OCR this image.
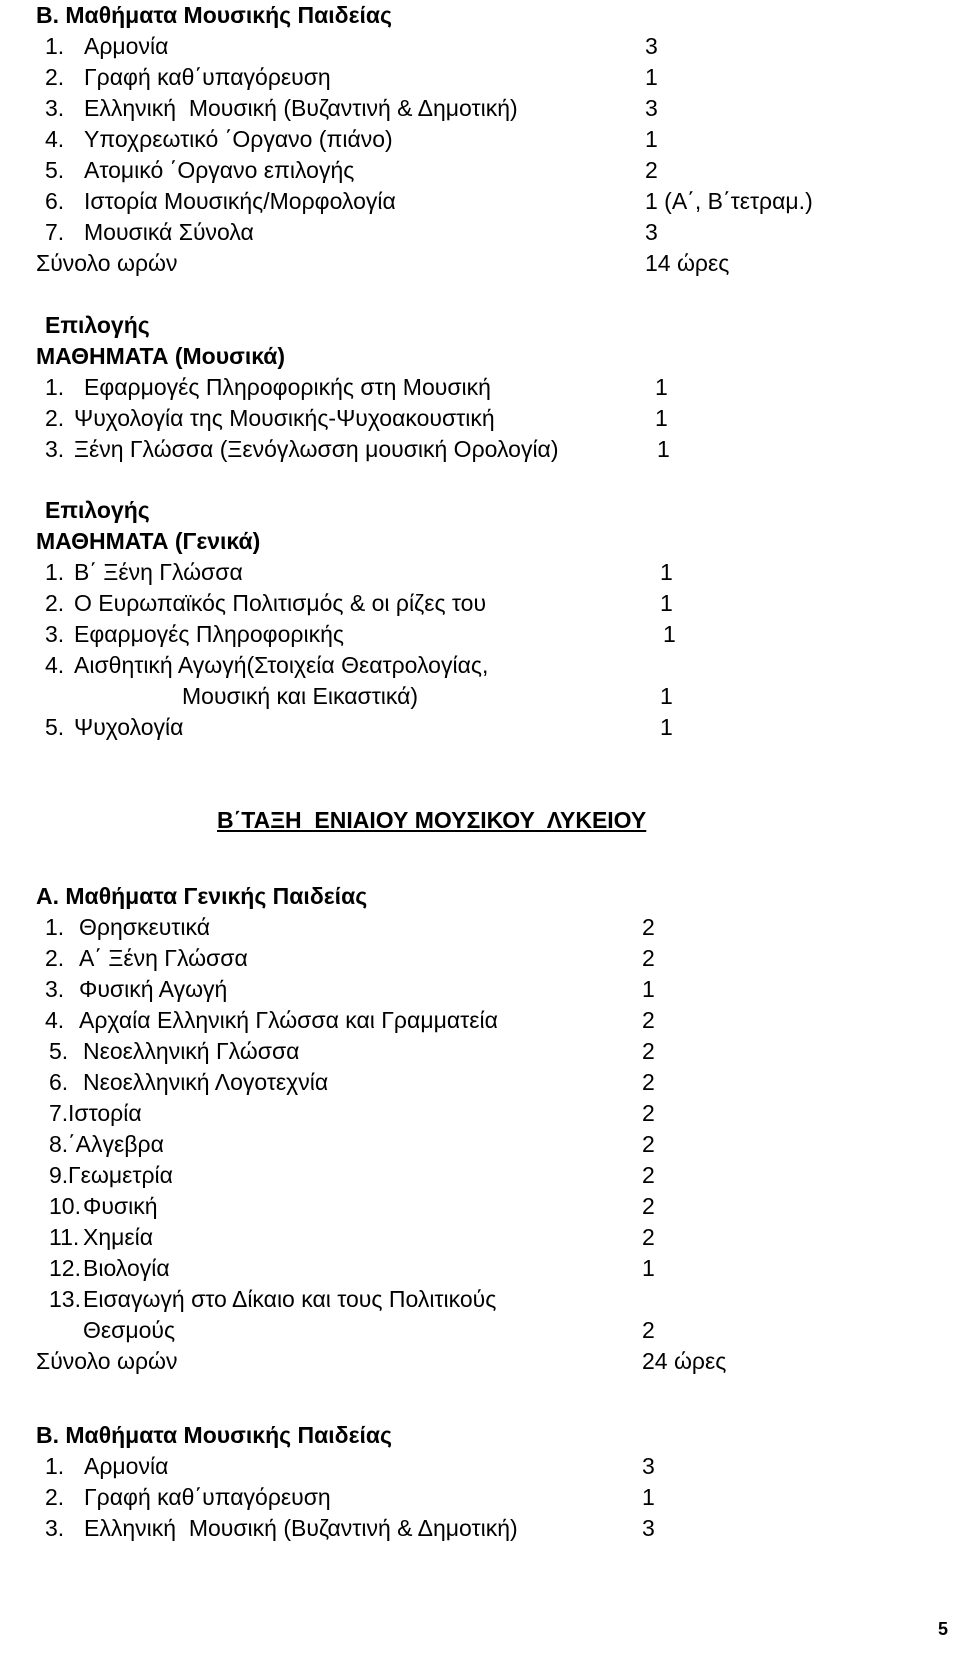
Β. Μαθήματα Μουσικής Παιδείας
1. Αρμονία	3
2. Γραφή καθ΄υπαγόρευση	1
3. Ελληνική  Μουσική (Βυζαντινή & Δημοτική)	3
4. Υποχρεωτικό ΄Οργανο (πιάνο)	1
5. Ατομικό ΄Οργανο επιλογής	2
6. Ιστορία Μουσικής/Μορφολογία	1 (Α΄, Β΄τετραμ.)
7. Μουσικά Σύνολα	3
Σύνολο ωρών	14 ώρες
Επιλογής
ΜΑΘΗΜΑΤΑ (Μουσικά)
1. Εφαρμογές Πληροφορικής στη Μουσική	1
2. Ψυχολογία της Μουσικής-Ψυχοακουστική	1
3. Ξένη Γλώσσα (Ξενόγλωσση μουσική Ορολογία)	1
Επιλογής
ΜΑΘΗΜΑΤΑ (Γενικά)
1. Β΄ Ξένη Γλώσσα	1
2. Ο Ευρωπαϊκός Πολιτισμός & οι ρίζες του	1
3. Εφαρμογές Πληροφορικής	1
4. Αισθητική Αγωγή(Στοιχεία Θεατρολογίας,
Μουσική και Εικαστικά)	1
5. Ψυχολογία	1
Β΄ΤΑΞΗ  ΕΝΙΑΙΟΥ ΜΟΥΣΙΚΟΥ  ΛΥΚΕΙΟΥ
Α. Μαθήματα Γενικής Παιδείας
1. Θρησκευτικά	2
2. Α΄ Ξένη Γλώσσα	2
3. Φυσική Αγωγή	1
4. Αρχαία Ελληνική Γλώσσα και Γραμματεία	2
5. Νεοελληνική Γλώσσα	2
6. Νεοελληνική Λογοτεχνία	2
7. Ιστορία	2
8. ΄Αλγεβρα	2
9. Γεωμετρία	2
10. Φυσική	2
11. Χημεία	2
12. Βιολογία	1
13. Εισαγωγή στο Δίκαιο και τους Πολιτικούς
Θεσμούς	2
Σύνολο ωρών	24 ώρες
Β. Μαθήματα Μουσικής Παιδείας
1. Αρμονία	3
2. Γραφή καθ΄υπαγόρευση	1
3. Ελληνική  Μουσική (Βυζαντινή & Δημοτική)	3
5
